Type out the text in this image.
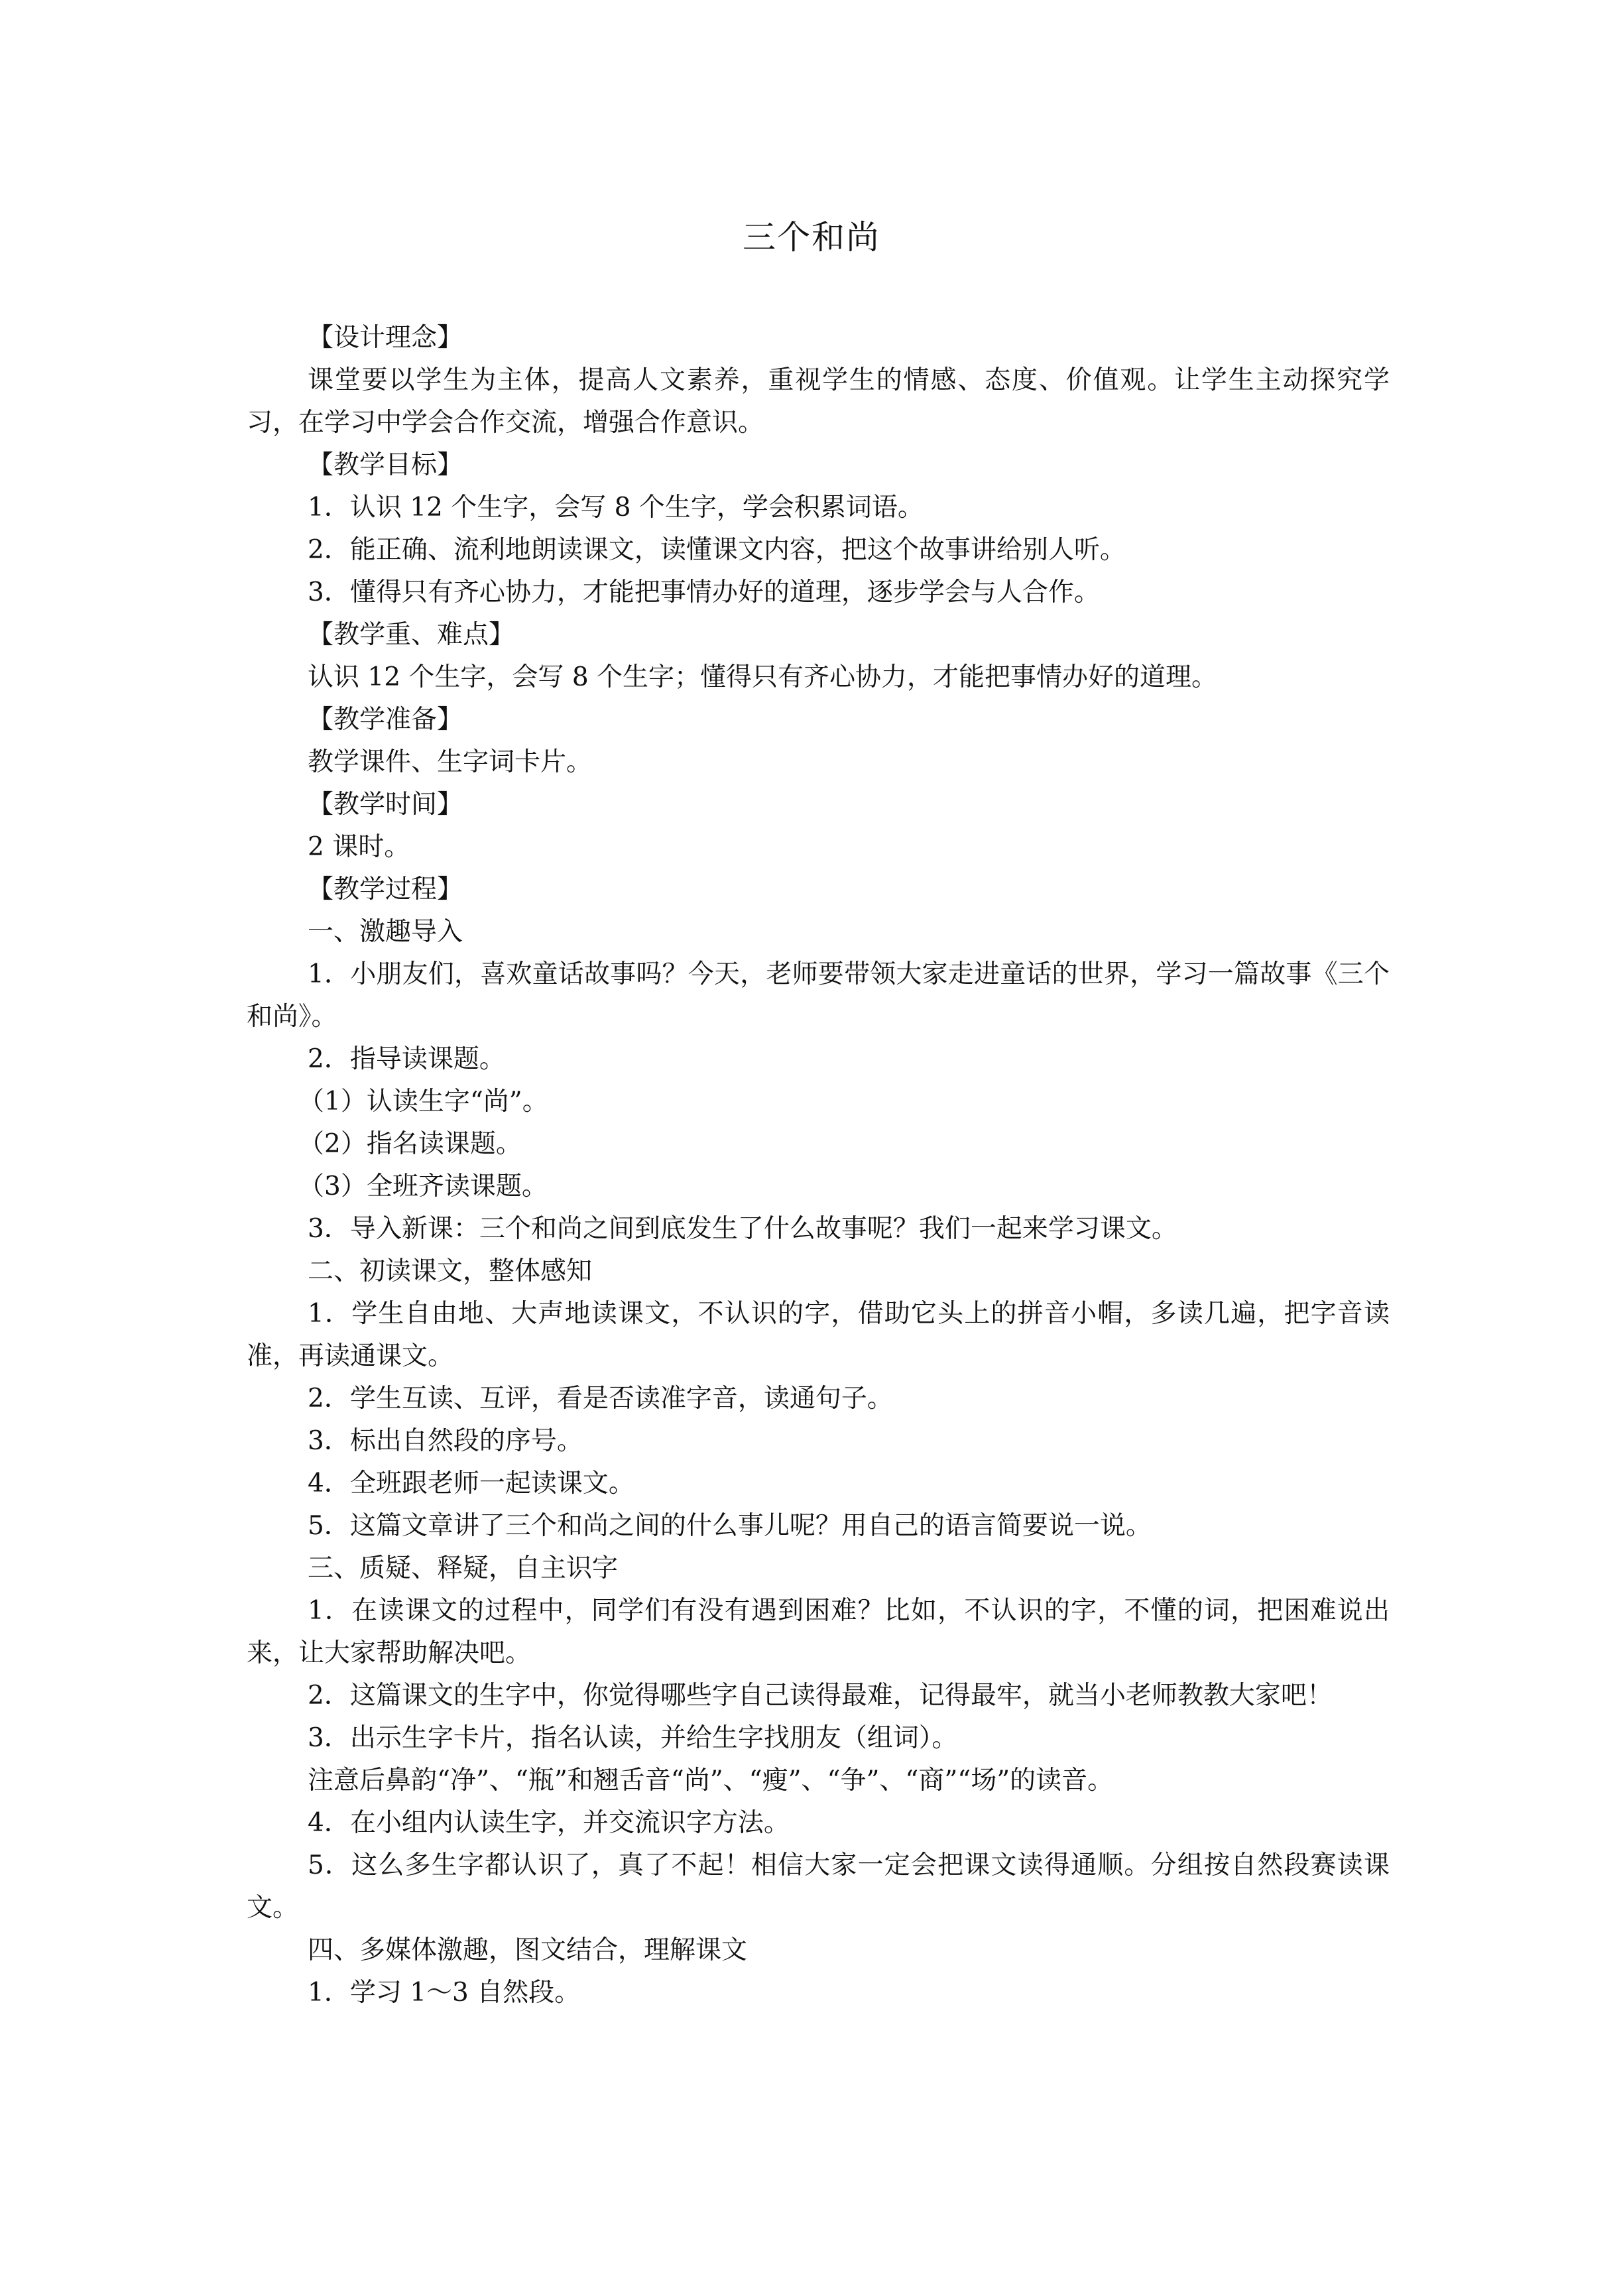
三个和尚

【设计理念】

课堂要以学生为主体，提高人文素养，重视学生的情感、态度、价值观。让学生主动探究学习，在学习中学会合作交流，增强合作意识。

【教学目标】

1．认识 12 个生字，会写 8 个生字，学会积累词语。

2．能正确、流利地朗读课文，读懂课文内容，把这个故事讲给别人听。

3．懂得只有齐心协力，才能把事情办好的道理，逐步学会与人合作。

【教学重、难点】

认识 12 个生字，会写 8 个生字；懂得只有齐心协力，才能把事情办好的道理。

【教学准备】

教学课件、生字词卡片。

【教学时间】

2 课时。

【教学过程】

一、激趣导入

1．小朋友们，喜欢童话故事吗？今天，老师要带领大家走进童话的世界，学习一篇故事《三个和尚》。

2．指导读课题。

（1）认读生字“尚”。

（2）指名读课题。

（3）全班齐读课题。

3．导入新课：三个和尚之间到底发生了什么故事呢？我们一起来学习课文。

二、初读课文，整体感知

1．学生自由地、大声地读课文，不认识的字，借助它头上的拼音小帽，多读几遍，把字音读准，再读通课文。

2．学生互读、互评，看是否读准字音，读通句子。

3．标出自然段的序号。

4．全班跟老师一起读课文。

5．这篇文章讲了三个和尚之间的什么事儿呢？用自己的语言简要说一说。

三、质疑、释疑，自主识字

1．在读课文的过程中，同学们有没有遇到困难？比如，不认识的字，不懂的词，把困难说出来，让大家帮助解决吧。

2．这篇课文的生字中，你觉得哪些字自己读得最难，记得最牢，就当小老师教教大家吧！

3．出示生字卡片，指名认读，并给生字找朋友（组词）。

注意后鼻韵“净”、“瓶”和翘舌音“尚”、“瘦”、“争”、“商”“场”的读音。

4．在小组内认读生字，并交流识字方法。

5．这么多生字都认识了，真了不起！相信大家一定会把课文读得通顺。分组按自然段赛读课文。

四、多媒体激趣，图文结合，理解课文

1．学习 1～3 自然段。
